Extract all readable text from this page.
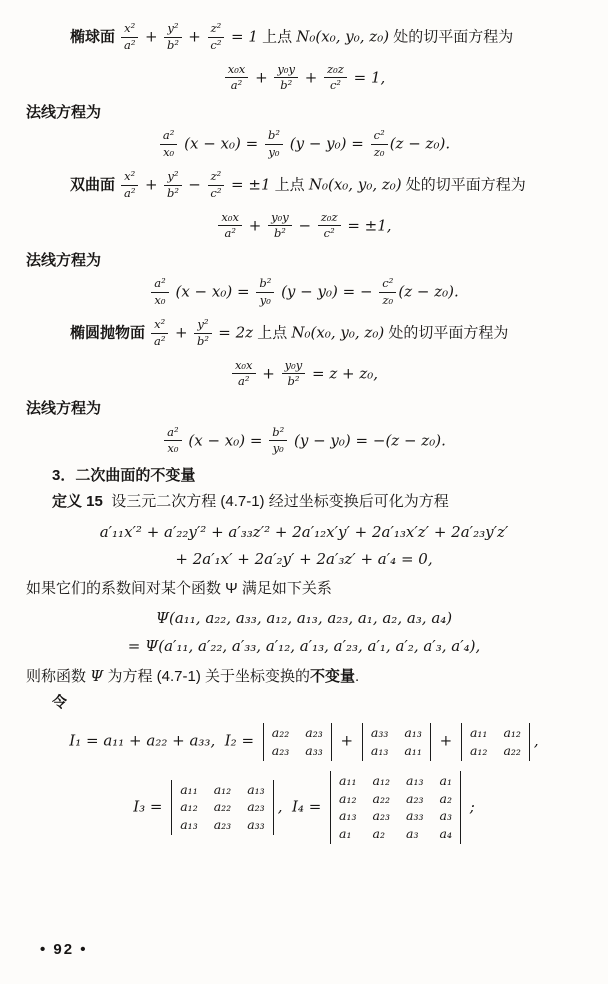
椭球面 $\frac{\text{x²}}{\text{a²}} + \frac{\text{y²}}{\text{b²}} + \frac{\text{z²}}{\text{c²}} = 1$ 上点 N₀(x₀, y₀, z₀) 处的切平面方程为
$\frac{\text{x₀x}}{\text{a²}} + \frac{\text{y₀y}}{\text{b²}} + \frac{\text{z₀z}}{\text{c²}} = 1$,
法线方程为
$\frac{\text{a²}}{\text{x₀}} (x - x_0) = \frac{\text{b²}}{\text{y₀}} (y - y_0) = \frac{\text{c²}}{\text{z₀}} (z - z_0)$.
双曲面 $\frac{\text{x²}}{\text{a²}} + \frac{\text{y²}}{\text{b²}} - \frac{\text{z²}}{\text{c²}} = \pm 1$ 上点 N₀(x₀, y₀, z₀) 处的切平面方程为
$\frac{\text{x₀x}}{\text{a²}} + \frac{\text{y₀y}}{\text{b²}} - \frac{\text{z₀z}}{\text{c²}} = \pm 1$,
法线方程为
$\frac{\text{a²}}{\text{x₀}} (x - x_0) = \frac{\text{b²}}{\text{y₀}} (y - y_0)$ = − $\frac{\text{c²}}{\text{z₀}} (z - z_0)$.
椭圆抛物面 $\frac{\text{x²}}{\text{a²}} + \frac{\text{y²}}{\text{b²}} = 2z$ 上点 N₀(x₀, y₀, z₀) 处的切平面方程为
$\frac{\text{x₀x}}{\text{a²}} + \frac{\text{y₀y}}{\text{b²}} = z + z_0$,
法线方程为
$\frac{\text{a²}}{\text{x₀}} (x - x_0) = \frac{\text{b²}}{\text{y₀}} (y - y_0) = -(z - z_0)$.
3．二次曲面的不变量
定义 15  设三元二次方程 (4.7-1) 经过坐标变换后可化为方程
a′₁₁x′² + a′₂₂y′² + a′₃₃z′² + 2a′₁₂x′y′ + 2a′₁₃x′z′ + 2a′₂₃y′z′
+ 2a′₁x′ + 2a′₂y′ + 2a′₃z′ + a′₄ = 0,
如果它们的系数间对某个函数 Ψ 满足如下关系
Ψ(a₁₁, a₂₂, a₃₃, a₁₂, a₁₃, a₂₃, a₁, a₂, a₃, a₄)
= Ψ(a′₁₁, a′₂₂, a′₃₃, a′₁₂, a′₁₃, a′₂₃, a′₁, a′₂, a′₃, a′₄),
则称函数 Ψ 为方程 (4.7-1) 关于坐标变换的不变量.
令
I₁ = a₁₁ + a₂₂ + a₃₃,  I₂ = a₂₂ a₂₃
a₂₃ a₃₃
+ a₃₃ a₁₃
a₁₃ a₁₁
+ a₁₁ a₁₂
a₁₂ a₂₂
,
I₃ =
a₁₁ a₁₂ a₁₃
a₁₂ a₂₂ a₂₃
a₁₃ a₂₃ a₃₃
,  I₄ =
a₁₁ a₁₂ a₁₃ a₁
a₁₂ a₂₂ a₂₃ a₂
a₁₃ a₂₃ a₃₃ a₃
a₁	a₂	a₃	a₄
;
• 92 •
